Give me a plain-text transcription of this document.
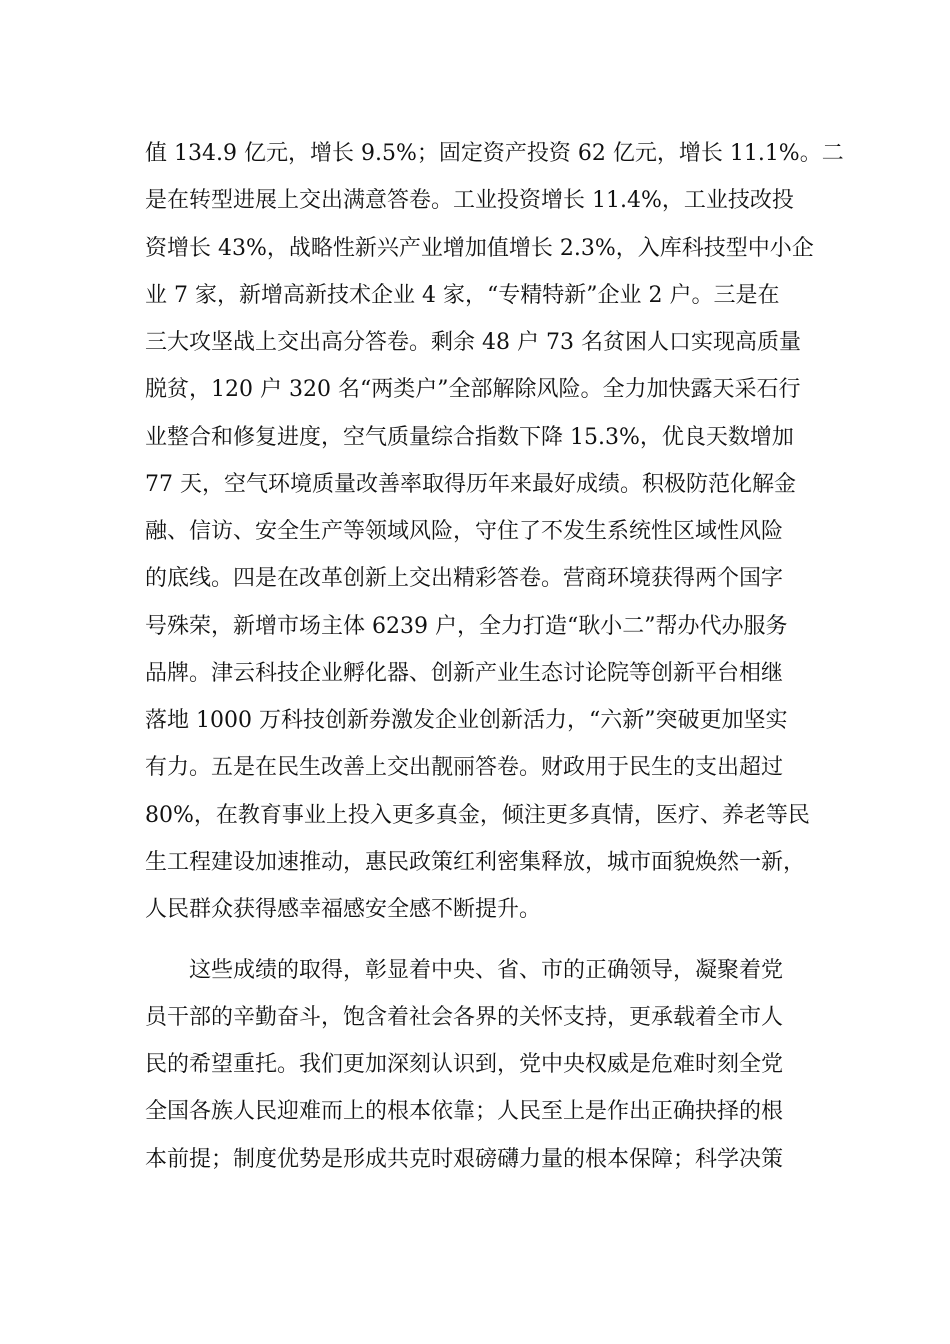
值 134.9 亿元，增长 9.5%；固定资产投资 62 亿元，增长 11.1%。二
是在转型进展上交出满意答卷。工业投资增长 11.4%，工业技改投
资增长 43%，战略性新兴产业增加值增长 2.3%，入库科技型中小企
业 7 家，新增高新技术企业 4 家，“专精特新”企业 2 户。三是在
三大攻坚战上交出高分答卷。剩余 48 户 73 名贫困人口实现高质量
脱贫，120 户 320 名“两类户”全部解除风险。全力加快露天采石行
业整合和修复进度，空气质量综合指数下降 15.3%，优良天数增加
77 天，空气环境质量改善率取得历年来最好成绩。积极防范化解金
融、信访、安全生产等领域风险，守住了不发生系统性区域性风险
的底线。四是在改革创新上交出精彩答卷。营商环境获得两个国字
号殊荣，新增市场主体 6239 户，全力打造“耿小二”帮办代办服务
品牌。津云科技企业孵化器、创新产业生态讨论院等创新平台相继
落地 1000 万科技创新券激发企业创新活力，“六新”突破更加坚实
有力。五是在民生改善上交出靓丽答卷。财政用于民生的支出超过
80%，在教育事业上投入更多真金，倾注更多真情，医疗、养老等民
生工程建设加速推动，惠民政策红利密集释放，城市面貌焕然一新，
人民群众获得感幸福感安全感不断提升。
　　这些成绩的取得，彰显着中央、省、市的正确领导，凝聚着党
员干部的辛勤奋斗，饱含着社会各界的关怀支持，更承载着全市人
民的希望重托。我们更加深刻认识到，党中央权威是危难时刻全党
全国各族人民迎难而上的根本依靠；人民至上是作出正确抉择的根
本前提；制度优势是形成共克时艰磅礴力量的根本保障；科学决策
